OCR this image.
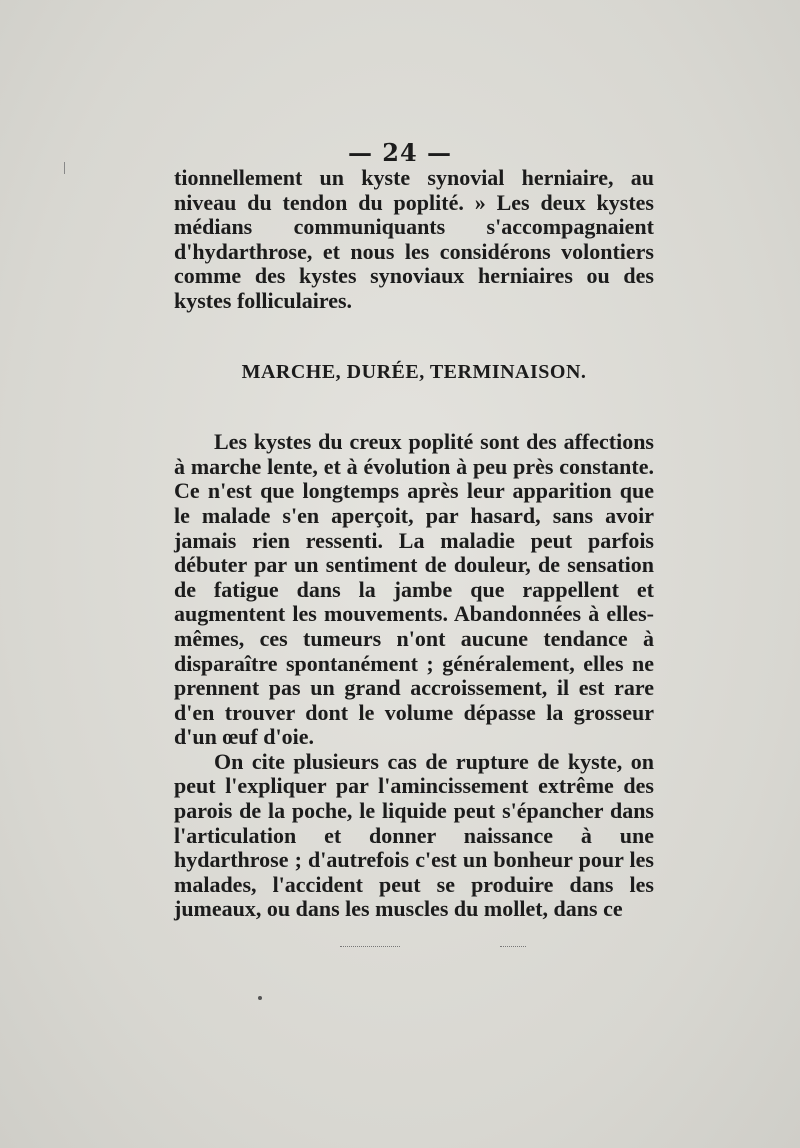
— 24 —

tionnellement un kyste synovial herniaire, au niveau du tendon du poplité. » Les deux kystes médians communiquants s'accompagnaient d'hydarthrose, et nous les considérons volontiers comme des kystes synoviaux herniaires ou des kystes folliculaires.

MARCHE, DURÉE, TERMINAISON.

Les kystes du creux poplité sont des affections à marche lente, et à évolution à peu près constante. Ce n'est que longtemps après leur apparition que le malade s'en aperçoit, par hasard, sans avoir jamais rien ressenti. La maladie peut parfois débuter par un sentiment de douleur, de sensation de fatigue dans la jambe que rappellent et augmentent les mouvements. Abandonnées à elles-mêmes, ces tumeurs n'ont aucune tendance à disparaître spontanément ; généralement, elles ne prennent pas un grand accroissement, il est rare d'en trouver dont le volume dépasse la grosseur d'un œuf d'oie.

On cite plusieurs cas de rupture de kyste, on peut l'expliquer par l'amincissement extrême des parois de la poche, le liquide peut s'épancher dans l'articulation et donner naissance à une hydarthrose ; d'autrefois c'est un bonheur pour les malades, l'accident peut se produire dans les jumeaux, ou dans les muscles du mollet, dans ce
